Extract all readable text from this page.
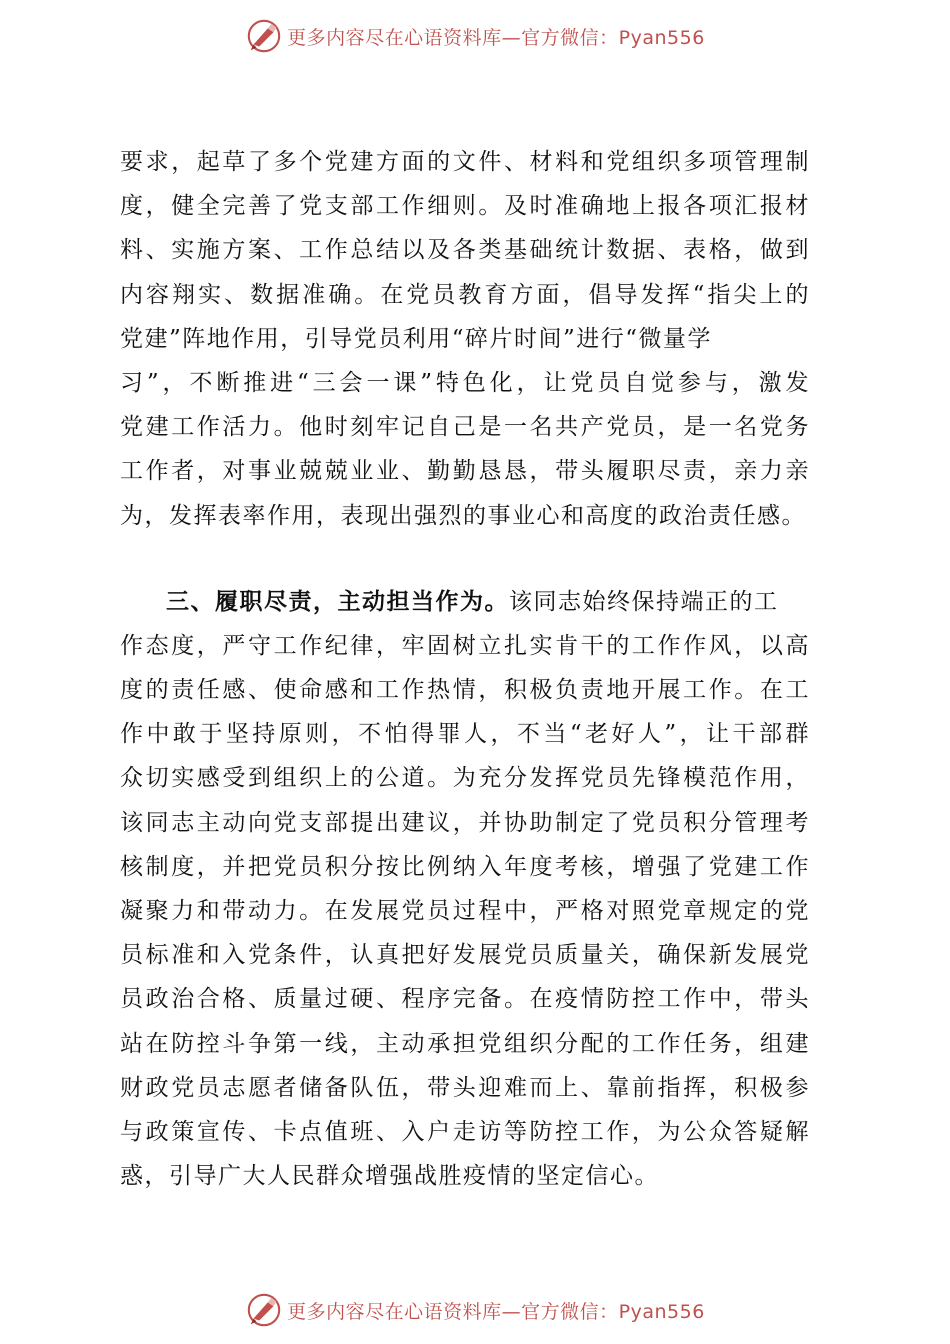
更多内容尽在心语资料库—官方微信：Pyan556
要求，起草了多个党建方面的文件、材料和党组织多项管理制
度，健全完善了党支部工作细则。及时准确地上报各项汇报材
料、实施方案、工作总结以及各类基础统计数据、表格，做到
内容翔实、数据准确。在党员教育方面，倡导发挥“指尖上的
党建”阵地作用，引导党员利用“碎片时间”进行“微量学
习”，不断推进“三会一课”特色化，让党员自觉参与，激发
党建工作活力。他时刻牢记自己是一名共产党员，是一名党务
工作者，对事业兢兢业业、勤勤恳恳，带头履职尽责，亲力亲
为，发挥表率作用，表现出强烈的事业心和高度的政治责任感。
三、履职尽责，主动担当作为。该同志始终保持端正的工
作态度，严守工作纪律，牢固树立扎实肯干的工作作风，以高
度的责任感、使命感和工作热情，积极负责地开展工作。在工
作中敢于坚持原则，不怕得罪人，不当“老好人”，让干部群
众切实感受到组织上的公道。为充分发挥党员先锋模范作用，
该同志主动向党支部提出建议，并协助制定了党员积分管理考
核制度，并把党员积分按比例纳入年度考核，增强了党建工作
凝聚力和带动力。在发展党员过程中，严格对照党章规定的党
员标准和入党条件，认真把好发展党员质量关，确保新发展党
员政治合格、质量过硬、程序完备。在疫情防控工作中，带头
站在防控斗争第一线，主动承担党组织分配的工作任务，组建
财政党员志愿者储备队伍，带头迎难而上、靠前指挥，积极参
与政策宣传、卡点值班、入户走访等防控工作，为公众答疑解
惑，引导广大人民群众增强战胜疫情的坚定信心。
更多内容尽在心语资料库—官方微信：Pyan556
